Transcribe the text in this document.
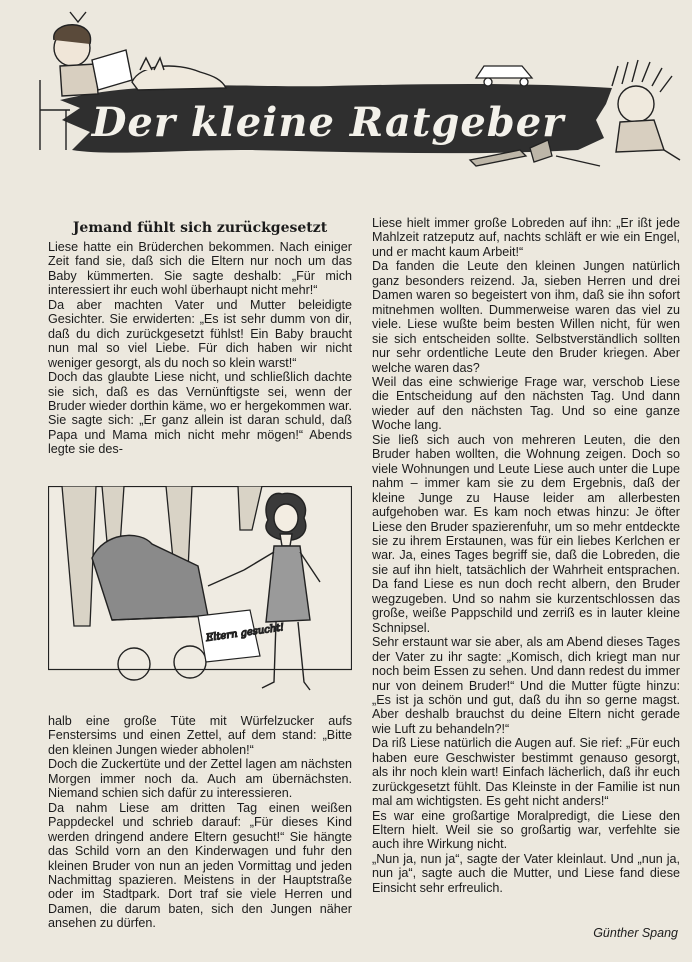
Der kleine Ratgeber
Jemand fühlt sich zurückgesetzt

Liese hatte ein Brüderchen bekommen. Nach einiger Zeit fand sie, daß sich die Eltern nur noch um das Baby kümmerten. Sie sagte deshalb: „Für mich interessiert ihr euch wohl überhaupt nicht mehr!“

Da aber machten Vater und Mutter beleidigte Gesichter. Sie erwiderten: „Es ist sehr dumm von dir, daß du dich zurückgesetzt fühlst! Ein Baby braucht nun mal so viel Liebe. Für dich haben wir nicht weniger gesorgt, als du noch so klein warst!“

Doch das glaubte Liese nicht, und schließlich dachte sie sich, daß es das Vernünftigste sei, wenn der Bruder wieder dorthin käme, wo er hergekommen war. Sie sagte sich: „Er ganz allein ist daran schuld, daß Papa und Mama mich nicht mehr mögen!“ Abends legte sie des-

Eltern gesucht!

halb eine große Tüte mit Würfelzucker aufs Fenstersims und einen Zettel, auf dem stand: „Bitte den kleinen Jungen wieder abholen!“

Doch die Zuckertüte und der Zettel lagen am nächsten Morgen immer noch da. Auch am übernächsten. Niemand schien sich dafür zu interessieren.

Da nahm Liese am dritten Tag einen weißen Pappdeckel und schrieb darauf: „Für dieses Kind werden dringend andere Eltern gesucht!“ Sie hängte das Schild vorn an den Kinderwagen und fuhr den kleinen Bruder von nun an jeden Vormittag und jeden Nachmittag spazieren. Meistens in der Hauptstraße oder im Stadtpark. Dort traf sie viele Herren und Damen, die darum baten, sich den Jungen näher ansehen zu dürfen.

Liese hielt immer große Lobreden auf ihn: „Er ißt jede Mahlzeit ratzeputz auf, nachts schläft er wie ein Engel, und er macht kaum Arbeit!“

Da fanden die Leute den kleinen Jungen natürlich ganz besonders reizend. Ja, sieben Herren und drei Damen waren so begeistert von ihm, daß sie ihn sofort mitnehmen wollten. Dummerweise waren das viel zu viele. Liese wußte beim besten Willen nicht, für wen sie sich entscheiden sollte. Selbstverständlich sollten nur sehr ordentliche Leute den Bruder kriegen. Aber welche waren das?

Weil das eine schwierige Frage war, verschob Liese die Entscheidung auf den nächsten Tag. Und dann wieder auf den nächsten Tag. Und so eine ganze Woche lang.

Sie ließ sich auch von mehreren Leuten, die den Bruder haben wollten, die Wohnung zeigen. Doch so viele Wohnungen und Leute Liese auch unter die Lupe nahm – immer kam sie zu dem Ergebnis, daß der kleine Junge zu Hause leider am allerbesten aufgehoben war. Es kam noch etwas hinzu: Je öfter Liese den Bruder spazierenfuhr, um so mehr entdeckte sie zu ihrem Erstaunen, was für ein liebes Kerlchen er war. Ja, eines Tages begriff sie, daß die Lobreden, die sie auf ihn hielt, tatsächlich der Wahrheit entsprachen. Da fand Liese es nun doch recht albern, den Bruder wegzugeben. Und so nahm sie kurzentschlossen das große, weiße Pappschild und zerriß es in lauter kleine Schnipsel.

Sehr erstaunt war sie aber, als am Abend dieses Tages der Vater zu ihr sagte: „Komisch, dich kriegt man nur noch beim Essen zu sehen. Und dann redest du immer nur von deinem Bruder!“ Und die Mutter fügte hinzu: „Es ist ja schön und gut, daß du ihn so gerne magst. Aber deshalb brauchst du deine Eltern nicht gerade wie Luft zu behandeln?!“

Da riß Liese natürlich die Augen auf. Sie rief: „Für euch haben eure Geschwister bestimmt genauso gesorgt, als ihr noch klein wart! Einfach lächerlich, daß ihr euch zurückgesetzt fühlt. Das Kleinste in der Familie ist nun mal am wichtigsten. Es geht nicht anders!“

Es war eine großartige Moralpredigt, die Liese den Eltern hielt. Weil sie so großartig war, verfehlte sie auch ihre Wirkung nicht.

„Nun ja, nun ja“, sagte der Vater kleinlaut. Und „nun ja, nun ja“, sagte auch die Mutter, und Liese fand diese Einsicht sehr erfreulich.

Günther Spang
